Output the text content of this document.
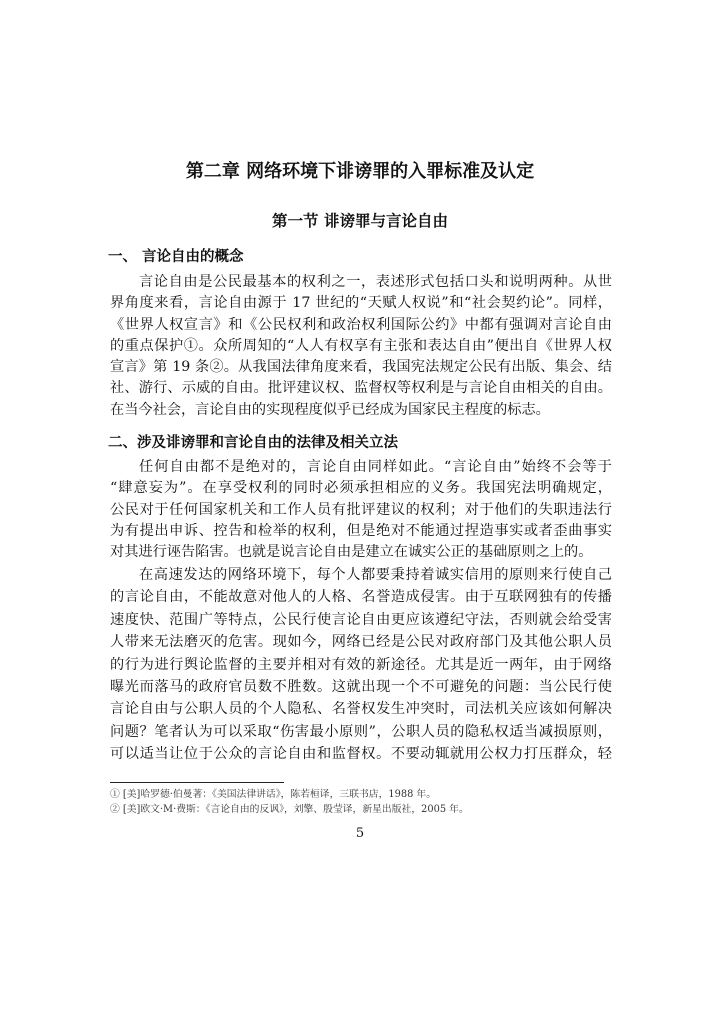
第二章 网络环境下诽谤罪的入罪标准及认定
第一节 诽谤罪与言论自由
一、 言论自由的概念
言论自由是公民最基本的权利之一，表述形式包括口头和说明两种。从世
界角度来看，言论自由源于 17 世纪的“天赋人权说”和“社会契约论”。同样，
《世界人权宣言》和《公民权利和政治权利国际公约》中都有强调对言论自由
的重点保护①。众所周知的“人人有权享有主张和表达自由”便出自《世界人权
宣言》第 19 条②。从我国法律角度来看，我国宪法规定公民有出版、集会、结
社、游行、示威的自由。批评建议权、监督权等权利是与言论自由相关的自由。
在当今社会，言论自由的实现程度似乎已经成为国家民主程度的标志。
二、涉及诽谤罪和言论自由的法律及相关立法
任何自由都不是绝对的，言论自由同样如此。“言论自由”始终不会等于
“肆意妄为”。在享受权利的同时必须承担相应的义务。我国宪法明确规定，
公民对于任何国家机关和工作人员有批评建议的权利；对于他们的失职违法行
为有提出申诉、控告和检举的权利，但是绝对不能通过捏造事实或者歪曲事实
对其进行诬告陷害。也就是说言论自由是建立在诚实公正的基础原则之上的。
在高速发达的网络环境下，每个人都要秉持着诚实信用的原则来行使自己
的言论自由，不能故意对他人的人格、名誉造成侵害。由于互联网独有的传播
速度快、范围广等特点，公民行使言论自由更应该遵纪守法，否则就会给受害
人带来无法磨灭的危害。现如今，网络已经是公民对政府部门及其他公职人员
的行为进行舆论监督的主要并相对有效的新途径。尤其是近一两年，由于网络
曝光而落马的政府官员数不胜数。这就出现一个不可避免的问题：当公民行使
言论自由与公职人员的个人隐私、名誉权发生冲突时，司法机关应该如何解决
问题？笔者认为可以采取“伤害最小原则”，公职人员的隐私权适当减损原则，
可以适当让位于公众的言论自由和监督权。不要动辄就用公权力打压群众，轻
① [美]哈罗德·伯曼著：《美国法律讲话》，陈若桓译，三联书店，1988 年。
② [美]欧文·M·费斯：《言论自由的反讽》，刘擎、殷莹译，新星出版社，2005 年。
5
